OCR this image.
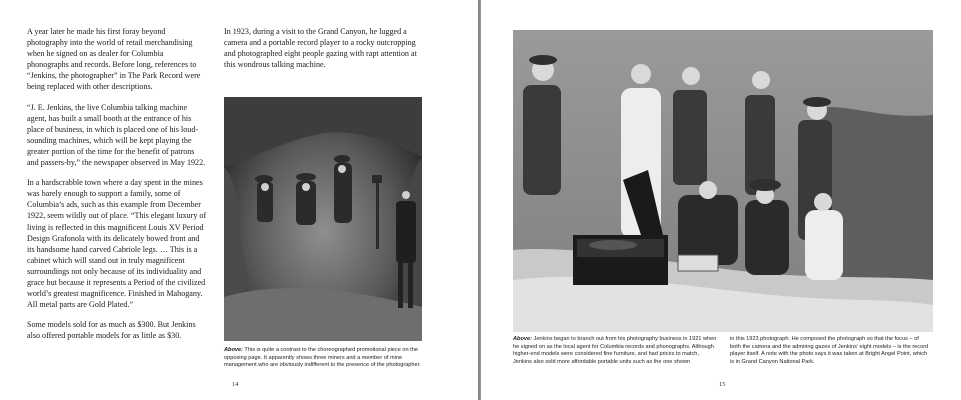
A year later he made his first foray beyond photography into the world of retail merchandising when he signed on as dealer for Columbia phonographs and records. Before long, references to “Jenkins, the photographer” in The Park Record were being replaced with other descriptions.

“J. E. Jenkins, the live Columbia talking machine agent, has built a small booth at the entrance of his place of business, in which is placed one of his loud-sounding machines, which will be kept playing the greater portion of the time for the benefit of patrons and passers-by,” the newspaper observed in May 1922.

In a hardscrabble town where a day spent in the mines was barely enough to support a family, some of Columbia’s ads, such as this example from December 1922, seem wildly out of place. “This elegant luxury of living is reflected in this magnificent Louis XV Period Design Grafonola with its delicately bowed front and its handsome hand carved Cabriole legs. … This is a cabinet which will stand out in truly magnificent surroundings not only because of its individuality and grace but because it represents a Period of the civilized world’s greatest magnificence. Finished in Mahogany. All metal parts are Gold Plated.”

Some models sold for as much as $300. But Jenkins also offered portable models for as little as $30.

In 1923, during a visit to the Grand Canyon, he lugged a camera and a portable record player to a rocky outcropping and photographed eight people gazing with rapt attention at this wondrous talking machine.

Above: This is quite a contrast to the choreographed promotional piece on the opposing page. It apparently shows three miners and a member of mine management who are obviously indifferent to the presence of the photographer.
14
Above: Jenkins began to branch out from his photography business in 1921 when he signed on as the local agent for Columbia records and phonographs. Although higher-end models were considered fine furniture, and had prices to match, Jenkins also sold more affordable portable units such as the one shown
in this 1923 photograph. He composed the photograph so that the focus – of both the camera and the admiring gazes of Jenkins’ eight models – is the record player itself. A note with the photo says it was taken at Bright Angel Point, which is in Grand Canyon National Park.
15
